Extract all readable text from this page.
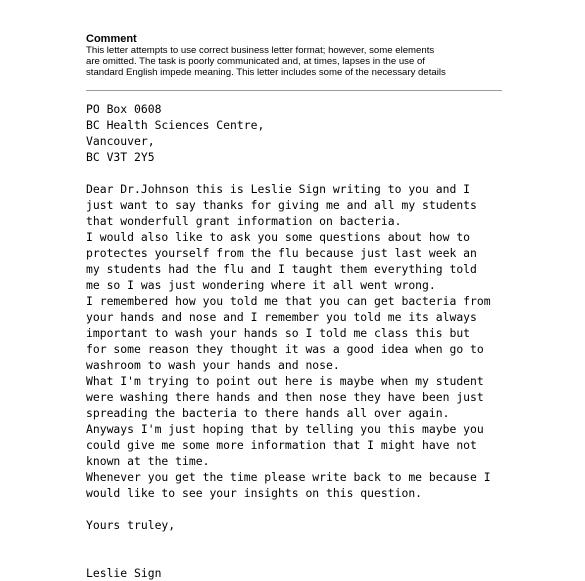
Comment

This letter attempts to use correct business letter format; however, some elements

are omitted. The task is poorly communicated and, at times, lapses in the use of

standard English impede meaning. This letter includes some of the necessary details

PO Box 0608
BC Health Sciences Centre,
Vancouver,
BC V3T 2Y5
Dear Dr.Johnson this is Leslie Sign writing to you and I
just want to say thanks for giving me and all my students
that wonderfull grant information on bacteria.
I would also like to ask you some questions about how to
protectes yourself from the flu because just last week an
my students had the flu and I taught them everything told
me so I was just wondering where it all went wrong.
I remembered how you told me that you can get bacteria from
your hands and nose and I remember you told me its always
important to wash your hands so I told me class this but
for some reason they thought it was a good idea when go to
washroom to wash your hands and nose.
What I'm trying to point out here is maybe when my student
were washing there hands and then nose they have been just
spreading the bacteria to there hands all over again.
Anyways I'm just hoping that by telling you this maybe you
could give me some more information that I might have not
known at the time.
Whenever you get the time please write back to me because I
would like to see your insights on this question.
Yours truley,
Leslie Sign
